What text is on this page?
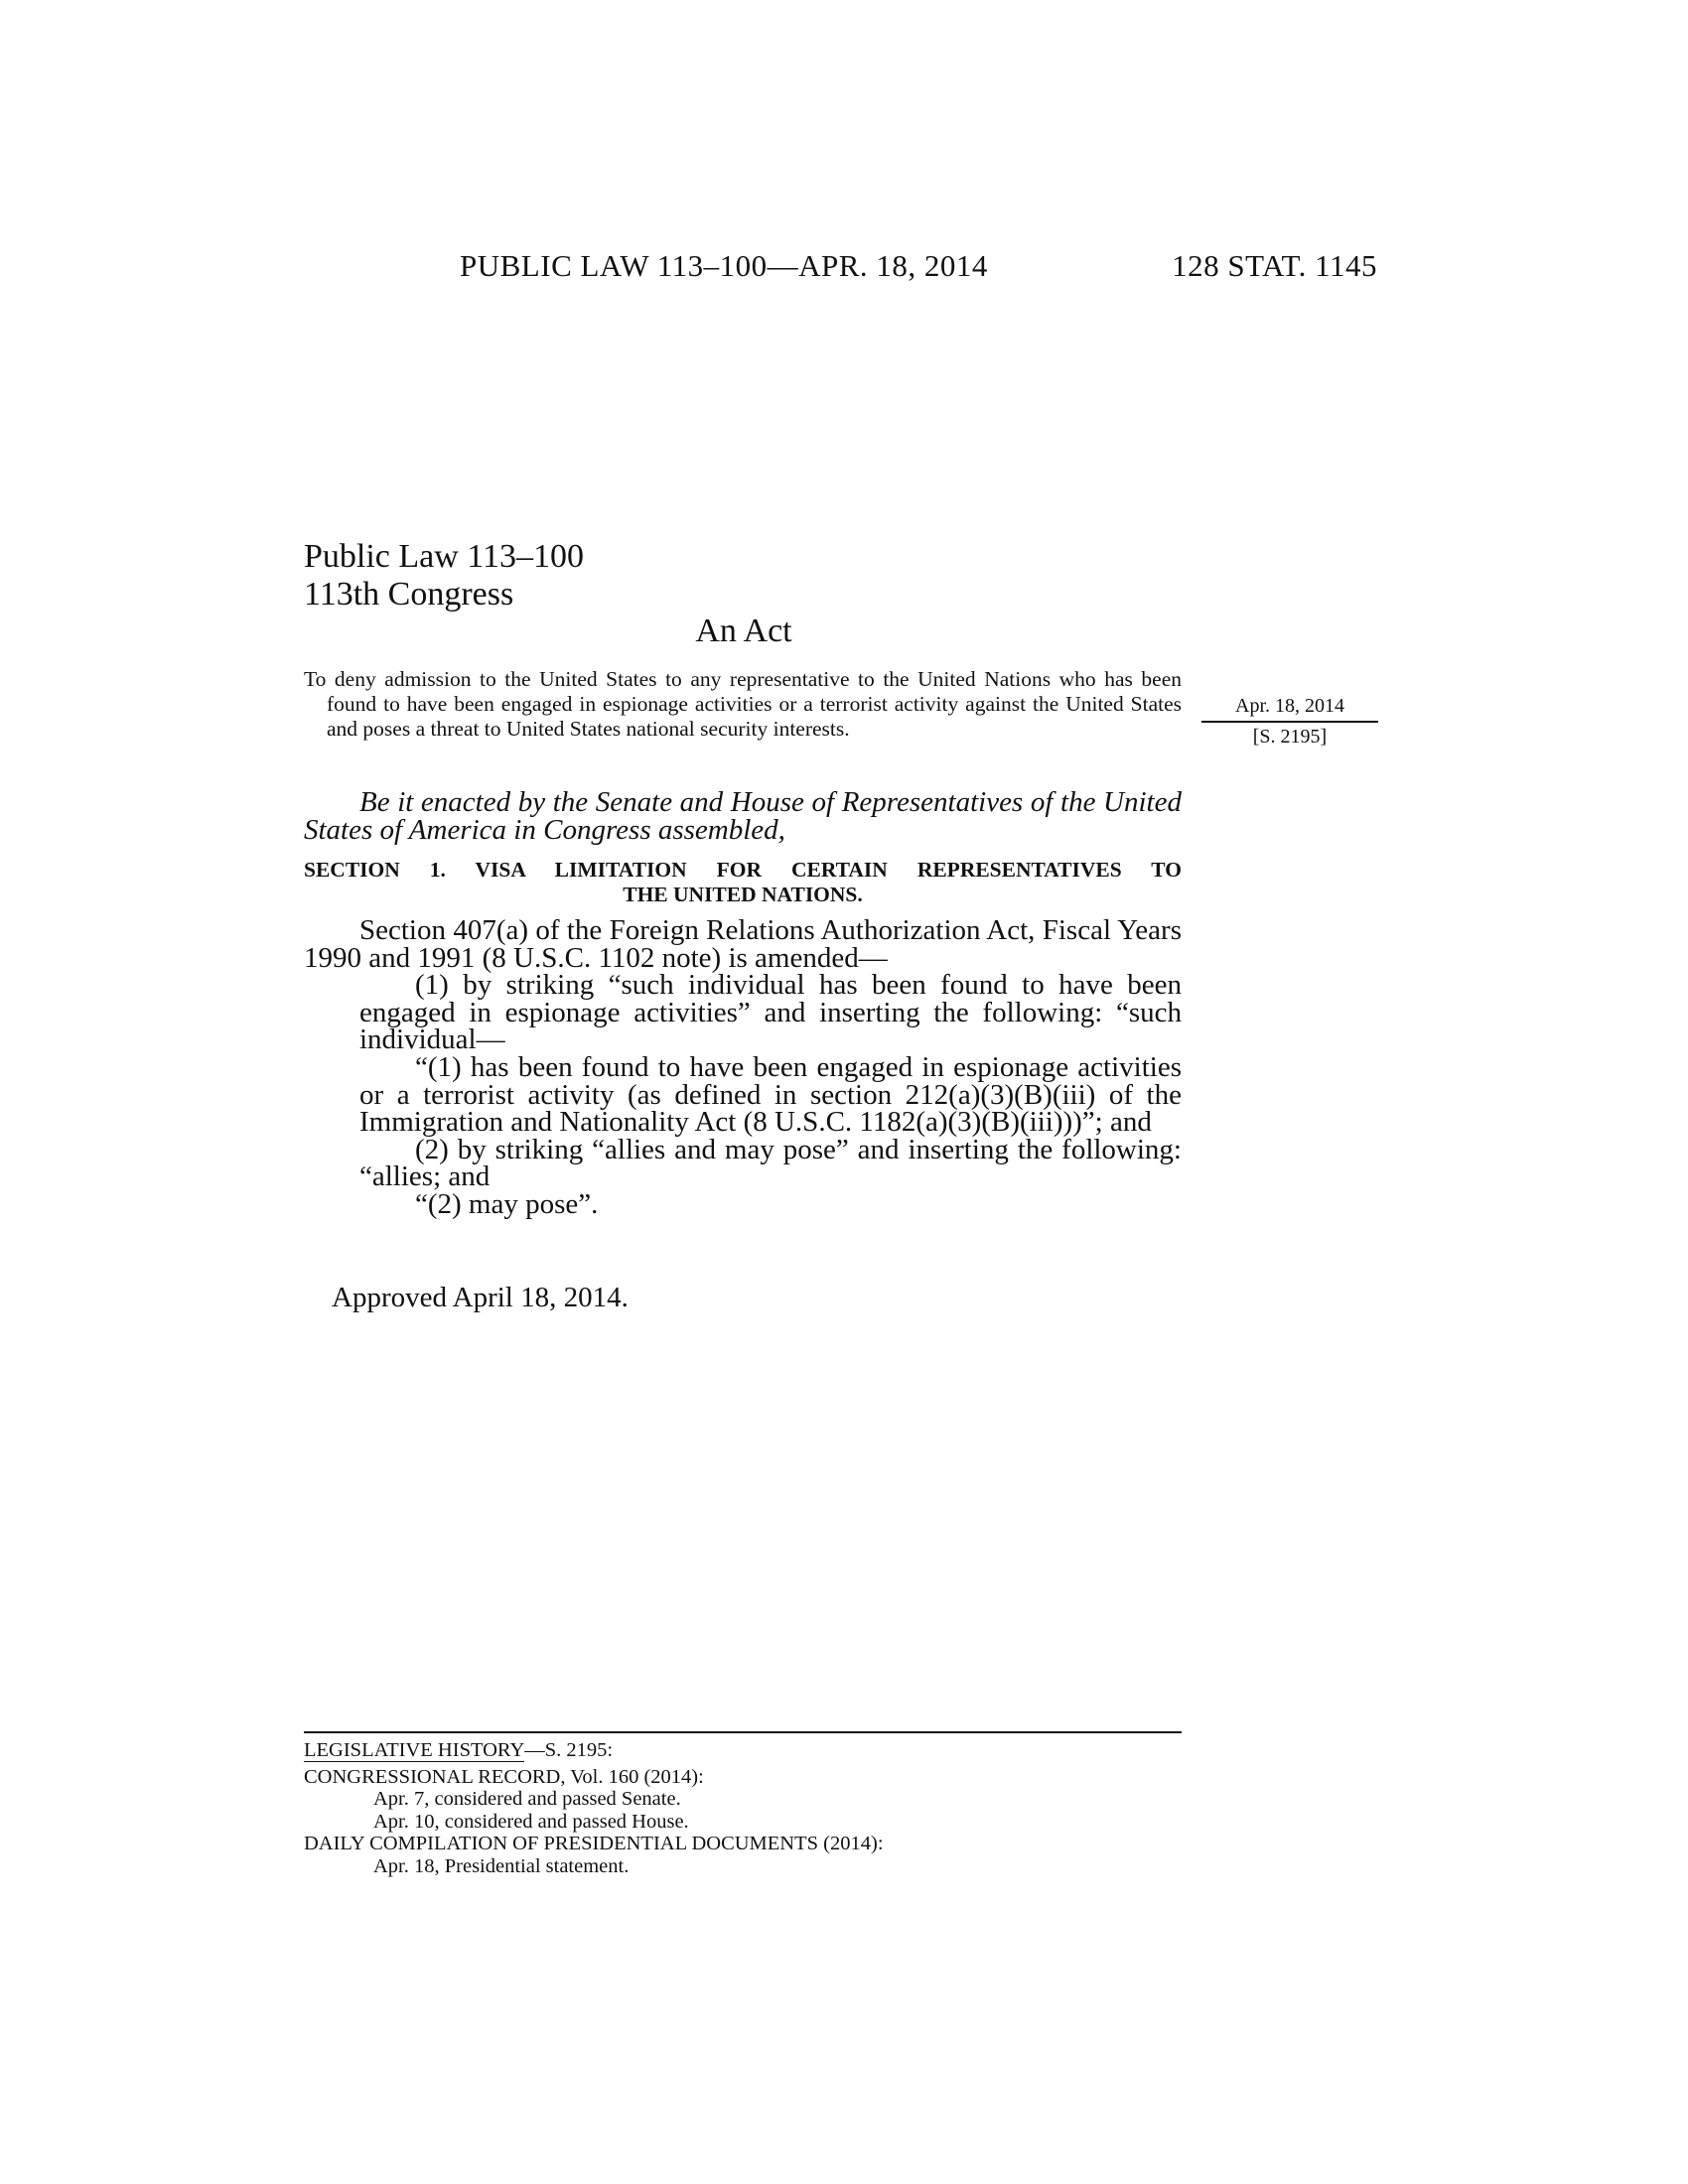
PUBLIC LAW 113–100—APR. 18, 2014	128 STAT. 1145
Public Law 113–100
113th Congress
An Act
To deny admission to the United States to any representative to the United Nations who has been found to have been engaged in espionage activities or a terrorist activity against the United States and poses a threat to United States national security interests.
Apr. 18, 2014
[S. 2195]
Be it enacted by the Senate and House of Representatives of the United States of America in Congress assembled,
SECTION 1. VISA LIMITATION FOR CERTAIN REPRESENTATIVES TO
THE UNITED NATIONS.

Section 407(a) of the Foreign Relations Authorization Act, Fiscal Years 1990 and 1991 (8 U.S.C. 1102 note) is amended—

(1) by striking “such individual has been found to have been engaged in espionage activities” and inserting the following: “such individual—

“(1) has been found to have been engaged in espionage activities or a terrorist activity (as defined in section 212(a)(3)(B)(iii) of the Immigration and Nationality Act (8 U.S.C. 1182(a)(3)(B)(iii)))”; and

(2) by striking “allies and may pose” and inserting the following: “allies; and

“(2) may pose”.

Approved April 18, 2014.
LEGISLATIVE HISTORY—S. 2195:
CONGRESSIONAL RECORD, Vol. 160 (2014):
Apr. 7, considered and passed Senate.
Apr. 10, considered and passed House.
DAILY COMPILATION OF PRESIDENTIAL DOCUMENTS (2014):
Apr. 18, Presidential statement.
